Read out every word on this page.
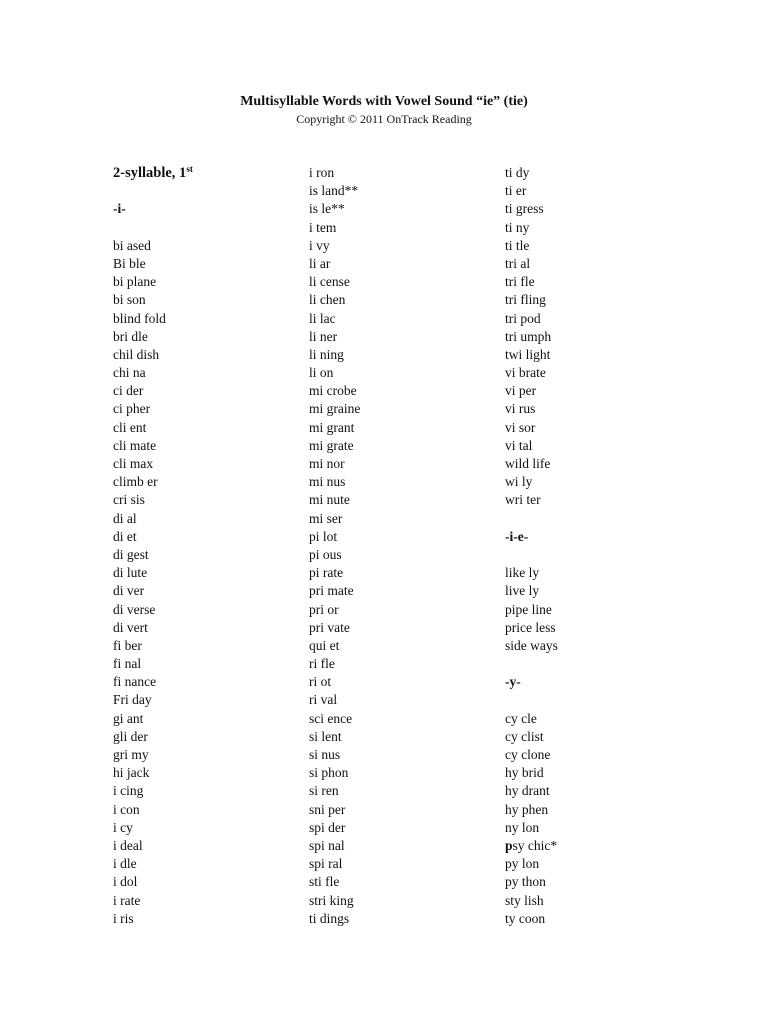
Multisyllable Words with Vowel Sound “ie” (tie)
Copyright © 2011 OnTrack Reading
2-syllable, 1st
-i-
bi ased
Bi ble
bi plane
bi son
blind fold
bri dle
chil dish
chi na
ci der
ci pher
cli ent
cli mate
cli max
climb er
cri sis
di al
di et
di gest
di lute
di ver
di verse
di vert
fi ber
fi nal
fi nance
Fri day
gi ant
gli der
gri my
hi jack
i cing
i con
i cy
i deal
i dle
i dol
i rate
i ris
i ron
is land**
is le**
i tem
i vy
li ar
li cense
li chen
li lac
li ner
li ning
li on
mi crobe
mi graine
mi grant
mi grate
mi nor
mi nus
mi nute
mi ser
pi lot
pi ous
pi rate
pri mate
pri or
pri vate
qui et
ri fle
ri ot
ri val
sci ence
si lent
si nus
si phon
si ren
sni per
spi der
spi nal
spi ral
sti fle
stri king
ti dings
ti dy
ti er
ti gress
ti ny
ti tle
tri al
tri fle
tri fling
tri pod
tri umph
twi light
vi brate
vi per
vi rus
vi sor
vi tal
wild life
wi ly
wri ter
-i-e-
like ly
live ly
pipe line
price less
side ways
-y-
cy cle
cy clist
cy clone
hy brid
hy drant
hy phen
ny lon
psy chic*
py lon
py thon
sty lish
ty coon
